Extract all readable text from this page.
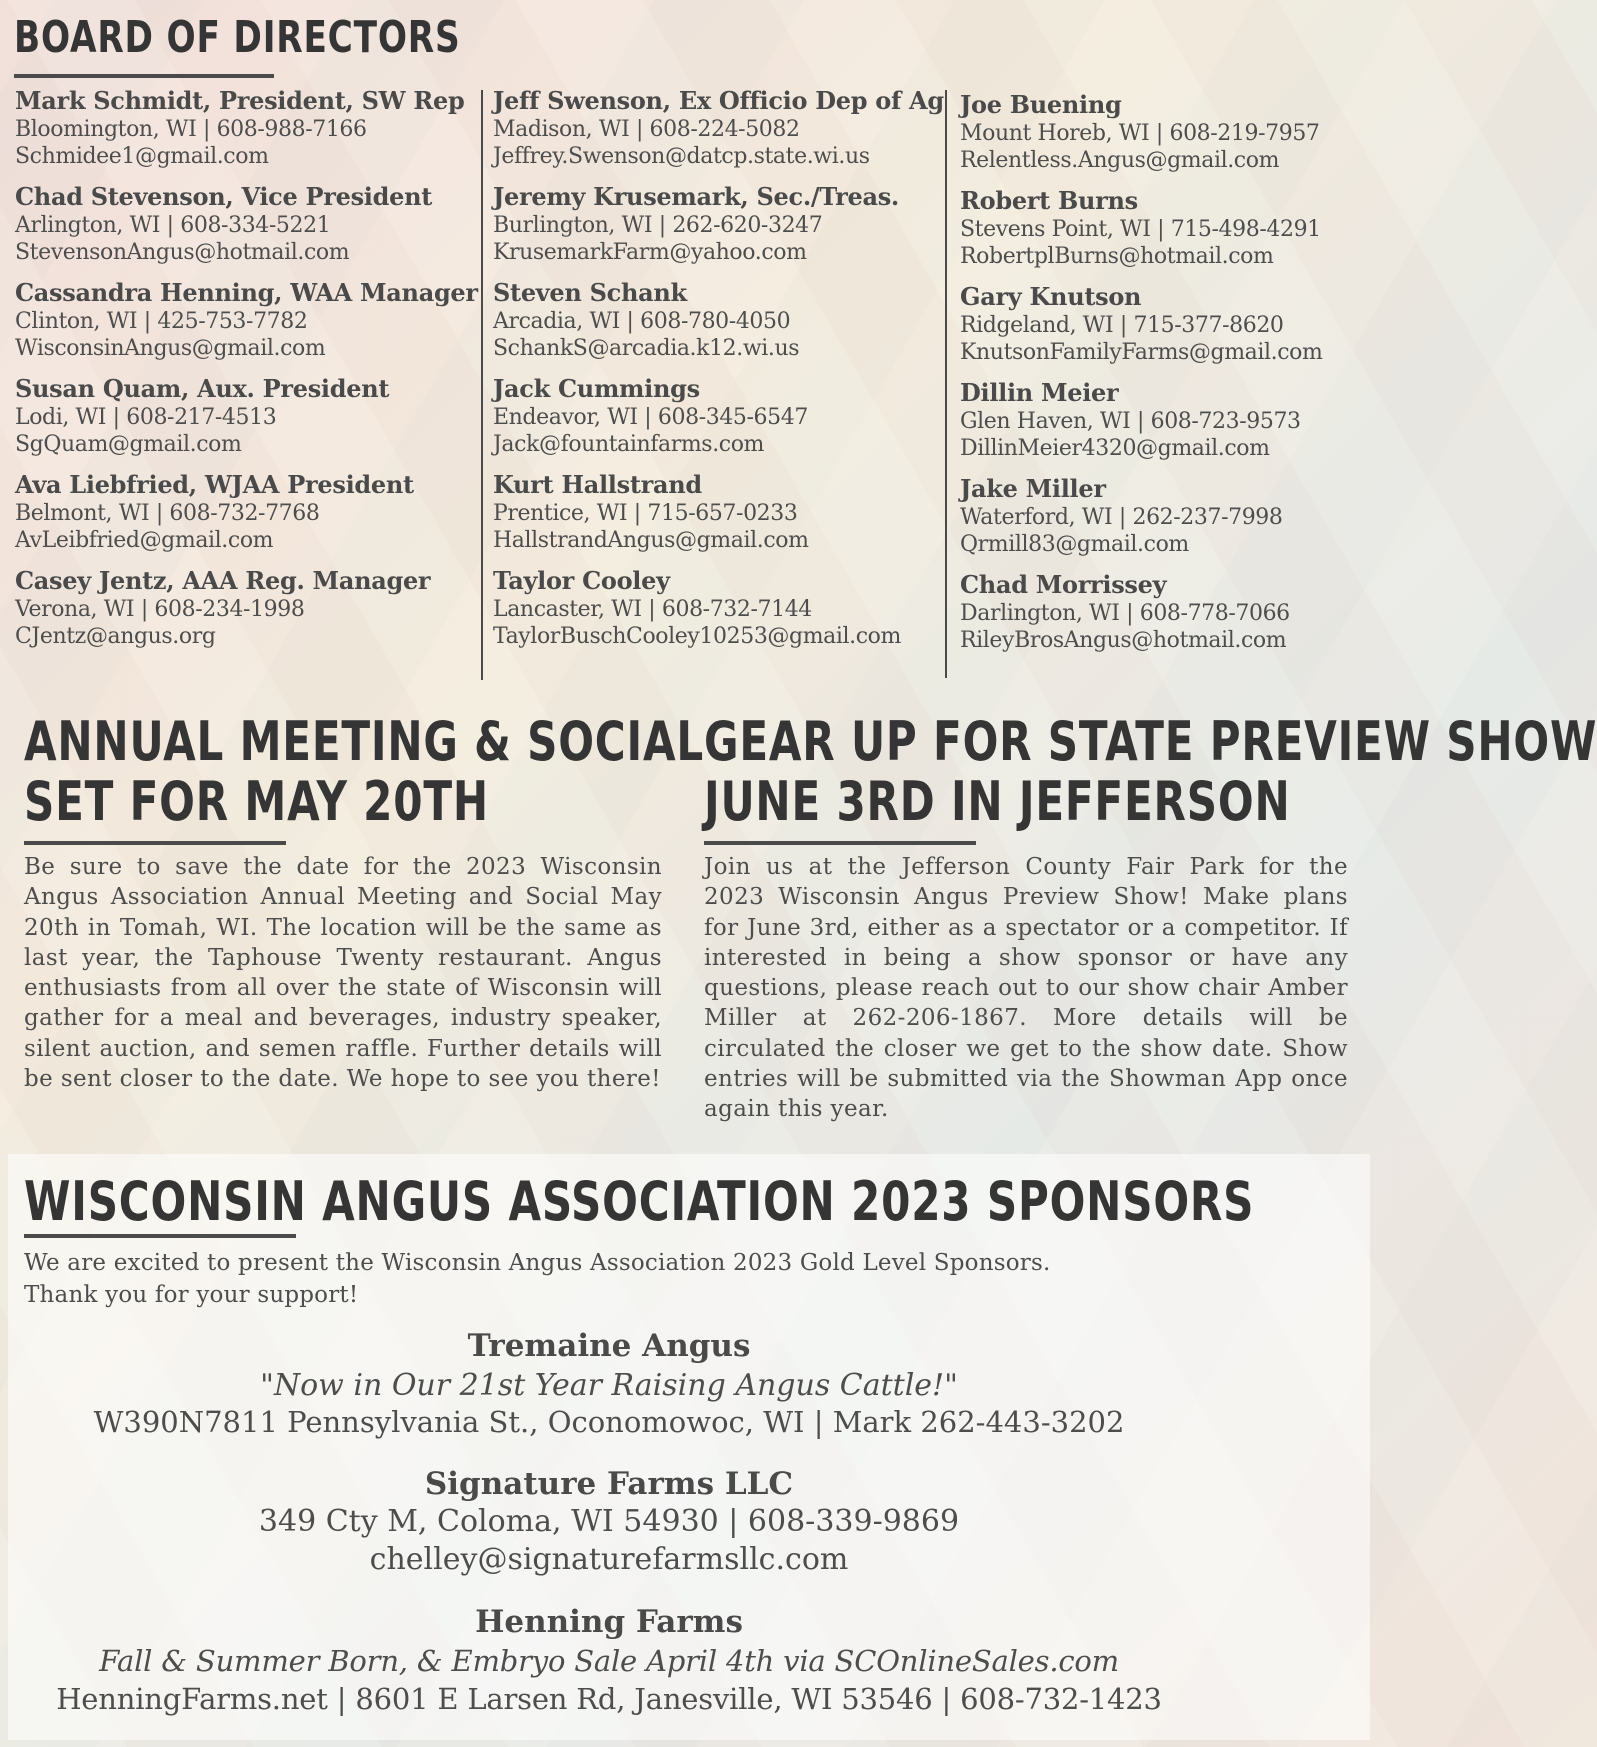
BOARD OF DIRECTORS
Mark Schmidt, President, SW Rep
Bloomington, WI | 608-988-7166
Schmidee1@gmail.com
Chad Stevenson, Vice President
Arlington, WI | 608-334-5221
StevensonAngus@hotmail.com
Cassandra Henning, WAA Manager
Clinton, WI | 425-753-7782
WisconsinAngus@gmail.com
Susan Quam, Aux. President
Lodi, WI | 608-217-4513
SgQuam@gmail.com
Ava Liebfried, WJAA President
Belmont, WI | 608-732-7768
AvLeibfried@gmail.com
Casey Jentz, AAA Reg. Manager
Verona, WI | 608-234-1998
CJentz@angus.org
Jeff Swenson, Ex Officio Dep of Ag
Madison, WI | 608-224-5082
Jeffrey.Swenson@datcp.state.wi.us
Jeremy Krusemark, Sec./Treas.
Burlington, WI | 262-620-3247
KrusemarkFarm@yahoo.com
Steven Schank
Arcadia, WI | 608-780-4050
SchankS@arcadia.k12.wi.us
Jack Cummings
Endeavor, WI | 608-345-6547
Jack@fountainfarms.com
Kurt Hallstrand
Prentice, WI | 715-657-0233
HallstrandAngus@gmail.com
Taylor Cooley
Lancaster, WI | 608-732-7144
TaylorBuschCooley10253@gmail.com
Joe Buening
Mount Horeb, WI | 608-219-7957
Relentless.Angus@gmail.com
Robert Burns
Stevens Point, WI | 715-498-4291
RobertplBurns@hotmail.com
Gary Knutson
Ridgeland, WI | 715-377-8620
KnutsonFamilyFarms@gmail.com
Dillin Meier
Glen Haven, WI | 608-723-9573
DillinMeier4320@gmail.com
Jake Miller
Waterford, WI | 262-237-7998
Qrmill83@gmail.com
Chad Morrissey
Darlington, WI | 608-778-7066
RileyBrosAngus@hotmail.com
ANNUAL MEETING & SOCIAL
SET FOR MAY 20TH
Be sure to save the date for the 2023 Wisconsin Angus Association Annual Meeting and Social May 20th in Tomah, WI. The location will be the same as last year, the Taphouse Twenty restaurant. Angus enthusiasts from all over the state of Wisconsin will gather for a meal and beverages, industry speaker, silent auction, and semen raffle. Further details will be sent closer to the date. We hope to see you there!
GEAR UP FOR STATE PREVIEW SHOW
JUNE 3RD IN JEFFERSON
Join us at the Jefferson County Fair Park for the 2023 Wisconsin Angus Preview Show! Make plans for June 3rd, either as a spectator or a competitor. If interested in being a show sponsor or have any questions, please reach out to our show chair Amber Miller at 262-206-1867. More details will be circulated the closer we get to the show date. Show entries will be submitted via the Showman App once again this year.
WISCONSIN ANGUS ASSOCIATION 2023 SPONSORS
We are excited to present the Wisconsin Angus Association 2023 Gold Level Sponsors.
Thank you for your support!
Tremaine Angus
"Now in Our 21st Year Raising Angus Cattle!"
W390N7811 Pennsylvania St., Oconomowoc, WI | Mark 262-443-3202
Signature Farms LLC
349 Cty M, Coloma, WI 54930 | 608-339-9869
chelley@signaturefarmsllc.com
Henning Farms
Fall & Summer Born, & Embryo Sale April 4th via SCOnlineSales.com
HenningFarms.net | 8601 E Larsen Rd, Janesville, WI 53546 | 608-732-1423
